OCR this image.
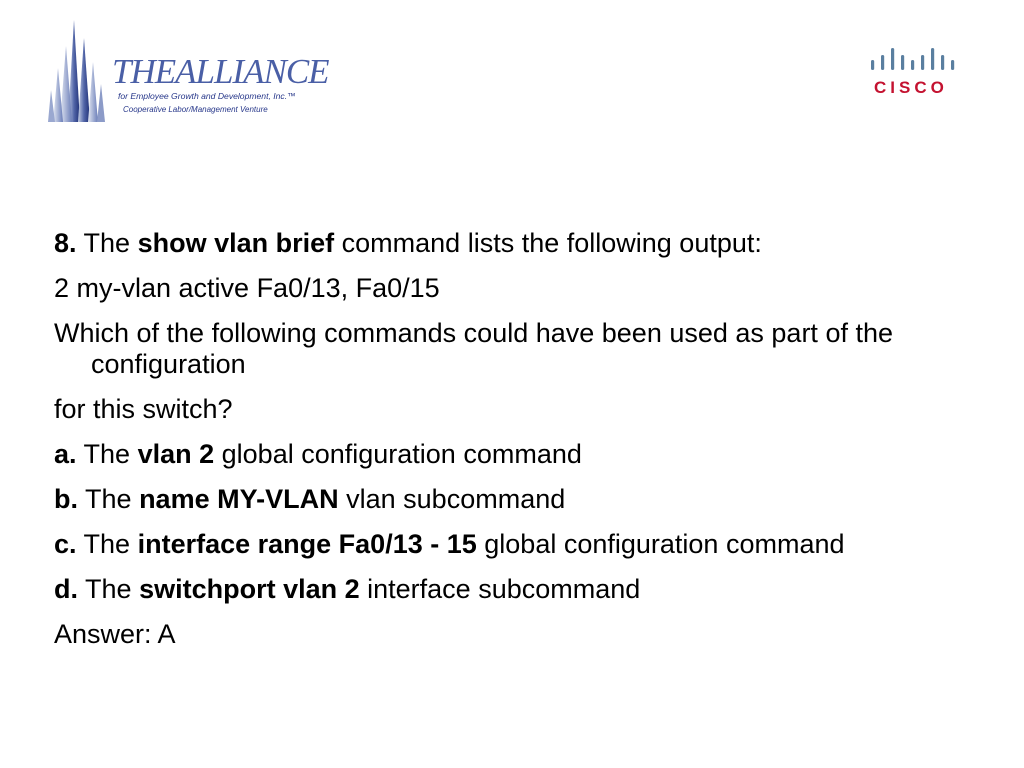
THEALLIANCE
for Employee Growth and Development, Inc.™
Cooperative Labor/Management Venture
CISCO

8. The show vlan brief command lists the following output:

2 my-vlan active Fa0/13, Fa0/15

Which of the following commands could have been used as part of the configuration

for this switch?

a. The vlan 2 global configuration command

b. The name MY-VLAN vlan subcommand

c. The interface range Fa0/13 - 15 global configuration command

d. The switchport vlan 2 interface subcommand

Answer: A
